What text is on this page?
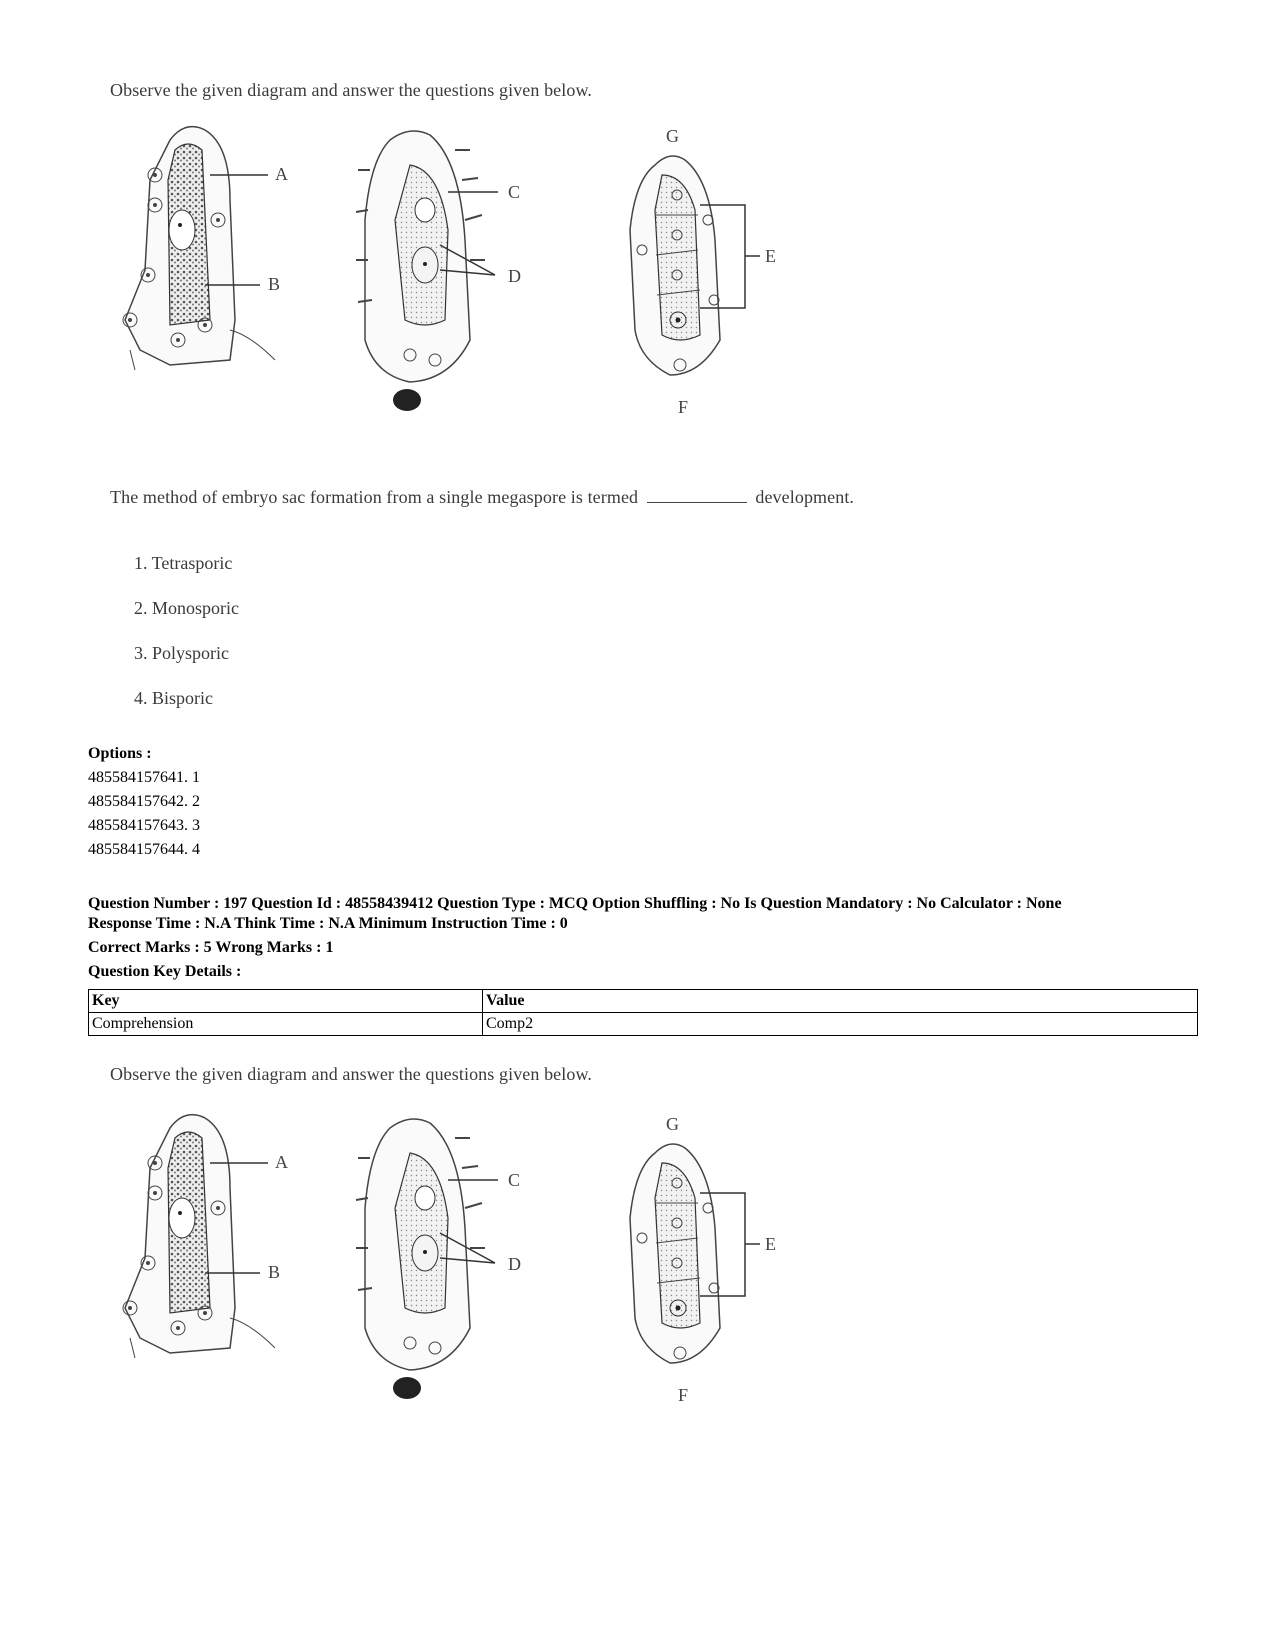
Observe the given diagram and answer the questions given below.
A
B
C
D
G
E
F
The method of embryo sac formation from a single megaspore is termed	development.
1. Tetrasporic
2. Monosporic
3. Polysporic
4. Bisporic
Options :
485584157641. 1
485584157642. 2
485584157643. 3
485584157644. 4
Question Number : 197 Question Id : 48558439412 Question Type : MCQ Option Shuffling : No Is Question Mandatory : No Calculator : None
Response Time : N.A Think Time : N.A Minimum Instruction Time : 0
Correct Marks : 5 Wrong Marks : 1
Question Key Details :
Key	Value
Comprehension	Comp2
Observe the given diagram and answer the questions given below.
A
B
C
D
G
E
F
